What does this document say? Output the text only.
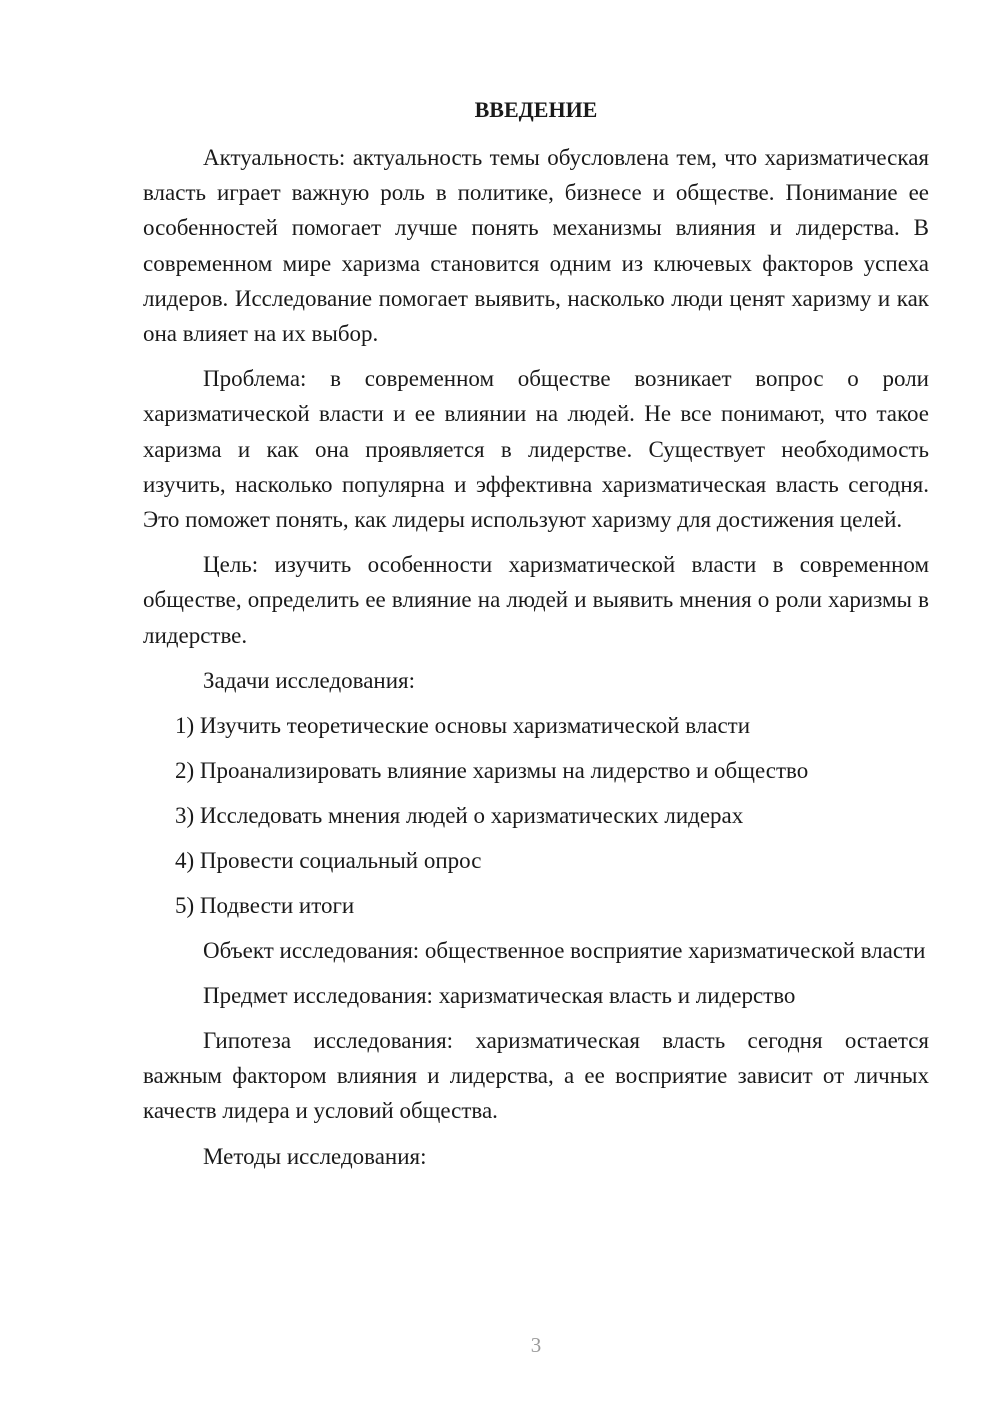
ВВЕДЕНИЕ

Актуальность: актуальность темы обусловлена тем, что харизматическая власть играет важную роль в политике, бизнесе и обществе. Понимание ее особенностей помогает лучше понять механизмы влияния и лидерства. В современном мире харизма становится одним из ключевых факторов успеха лидеров. Исследование помогает выявить, насколько люди ценят харизму и как она влияет на их выбор.

Проблема: в современном обществе возникает вопрос о роли харизматической власти и ее влиянии на людей. Не все понимают, что такое харизма и как она проявляется в лидерстве. Существует необходимость изучить, насколько популярна и эффективна харизматическая власть сегодня. Это поможет понять, как лидеры используют харизму для достижения целей.

Цель: изучить особенности харизматической власти в современном обществе, определить ее влияние на людей и выявить мнения о роли харизмы в лидерстве.

Задачи исследования:

1) Изучить теоретические основы харизматической власти

2) Проанализировать влияние харизмы на лидерство и общество

3) Исследовать мнения людей о харизматических лидерах

4) Провести социальный опрос

5) Подвести итоги

Объект исследования: общественное восприятие харизматической власти

Предмет исследования: харизматическая власть и лидерство

Гипотеза исследования: харизматическая власть сегодня остается важным фактором влияния и лидерства, а ее восприятие зависит от личных качеств лидера и условий общества.

Методы исследования:

3
